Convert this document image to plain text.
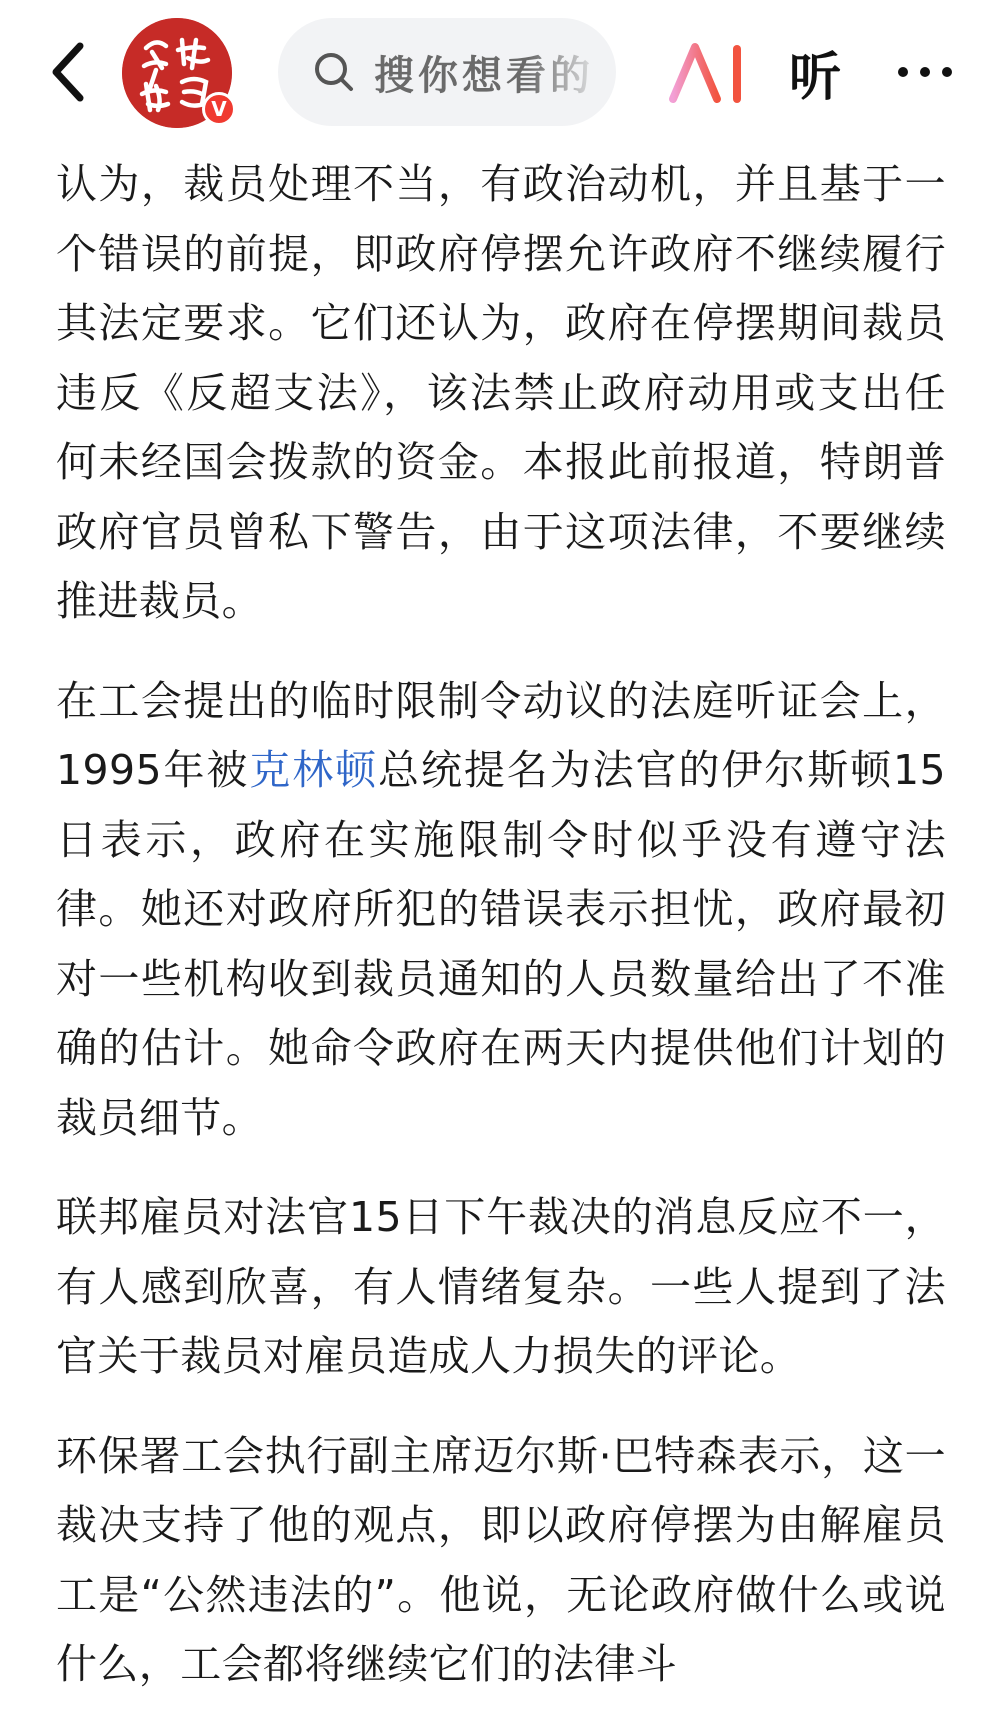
V
搜你想看的	听

认为，裁员处理不当，有政治动机，并且基于一个错误的前提，即政府停摆允许政府不继续履行其法定要求。它们还认为，政府在停摆期间裁员违反《反超支法》，该法禁止政府动用或支出任何未经国会拨款的资金。本报此前报道，特朗普政府官员曾私下警告，由于这项法律，不要继续推进裁员。

在工会提出的临时限制令动议的法庭听证会上，1995年被克林顿总统提名为法官的伊尔斯顿15日表示，政府在实施限制令时似乎没有遵守法律。她还对政府所犯的错误表示担忧，政府最初对一些机构收到裁员通知的人员数量给出了不准确的估计。她命令政府在两天内提供他们计划的裁员细节。

联邦雇员对法官15日下午裁决的消息反应不一，有人感到欣喜，有人情绪复杂。一些人提到了法官关于裁员对雇员造成人力损失的评论。

环保署工会执行副主席迈尔斯·巴特森表示，这一裁决支持了他的观点，即以政府停摆为由解雇员工是“公然违法的”。他说，无论政府做什么或说什么，工会都将继续它们的法律斗
